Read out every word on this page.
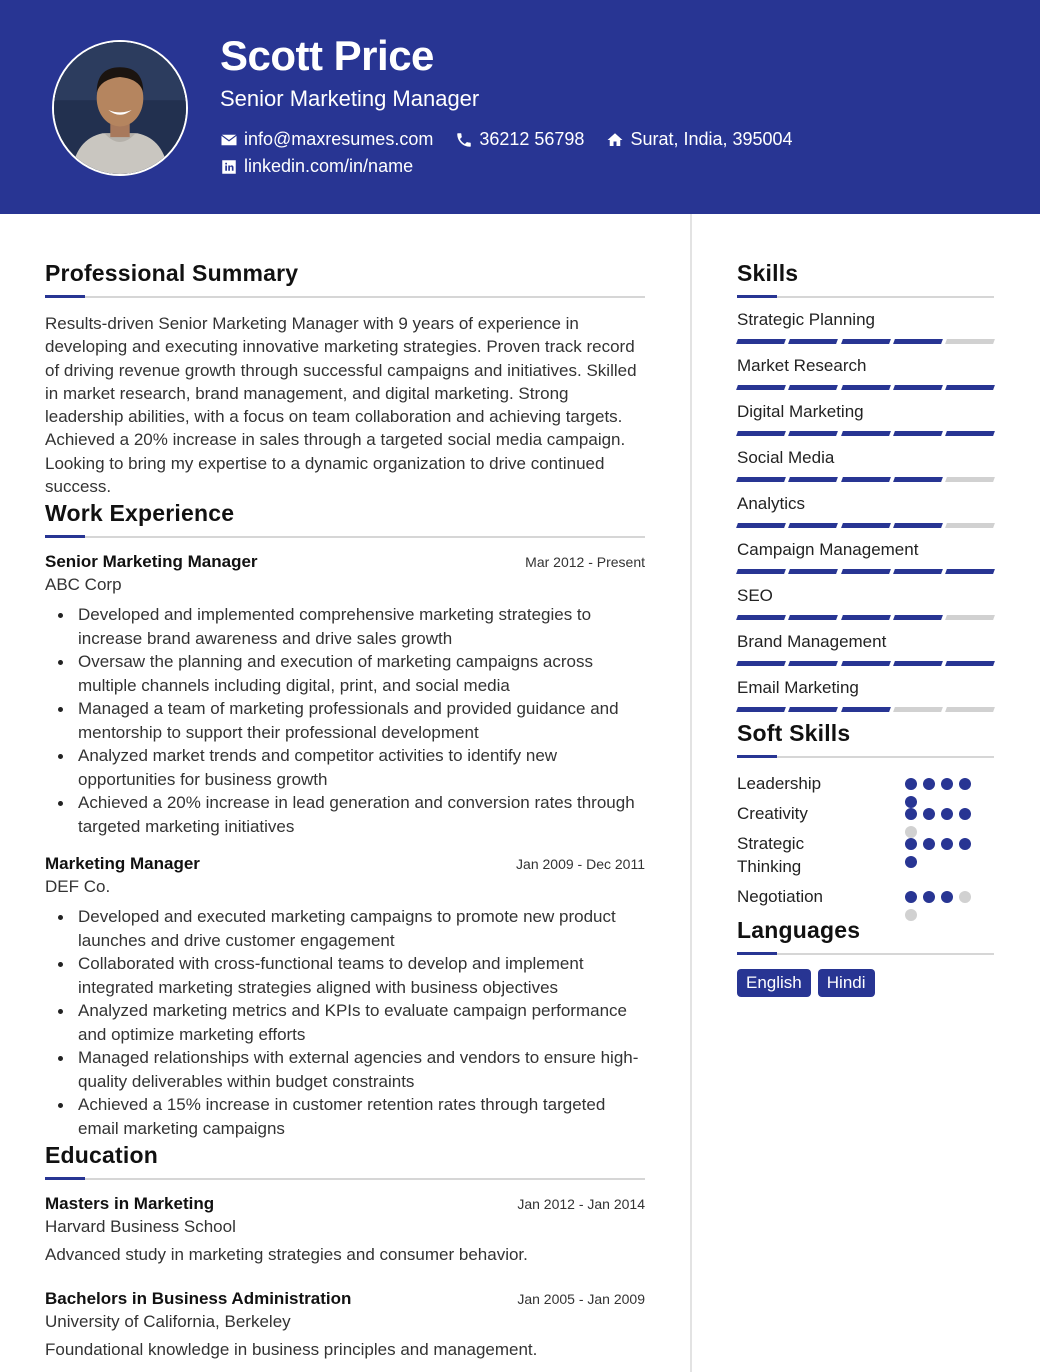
Scott Price
Senior Marketing Manager
info@maxresumes.com	36212 56798	Surat, India, 395004
linkedin.com/in/name
Professional Summary

Results-driven Senior Marketing Manager with 9 years of experience in developing and executing innovative marketing strategies. Proven track record of driving revenue growth through successful campaigns and initiatives. Skilled in market research, brand management, and digital marketing. Strong leadership abilities, with a focus on team collaboration and achieving targets. Achieved a 20% increase in sales through a targeted social media campaign. Looking to bring my expertise to a dynamic organization to drive continued success.

Work Experience
Senior Marketing Manager	Mar 2012 - Present
ABC Corp
Developed and implemented comprehensive marketing strategies to increase brand awareness and drive sales growth
Oversaw the planning and execution of marketing campaigns across multiple channels including digital, print, and social media
Managed a team of marketing professionals and provided guidance and mentorship to support their professional development
Analyzed market trends and competitor activities to identify new opportunities for business growth
Achieved a 20% increase in lead generation and conversion rates through targeted marketing initiatives
Marketing Manager	Jan 2009 - Dec 2011
DEF Co.
Developed and executed marketing campaigns to promote new product launches and drive customer engagement
Collaborated with cross-functional teams to develop and implement integrated marketing strategies aligned with business objectives
Analyzed marketing metrics and KPIs to evaluate campaign performance and optimize marketing efforts
Managed relationships with external agencies and vendors to ensure high-quality deliverables within budget constraints
Achieved a 15% increase in customer retention rates through targeted email marketing campaigns
Education
Masters in Marketing	Jan 2012 - Jan 2014
Harvard Business School
Advanced study in marketing strategies and consumer behavior.
Bachelors in Business Administration	Jan 2005 - Jan 2009
University of California, Berkeley
Foundational knowledge in business principles and management.
Skills
Strategic Planning
Market Research
Digital Marketing
Social Media
Analytics
Campaign Management
SEO
Brand Management
Email Marketing
Soft Skills
Leadership
Creativity
Strategic Thinking
Negotiation
Languages
English	Hindi
